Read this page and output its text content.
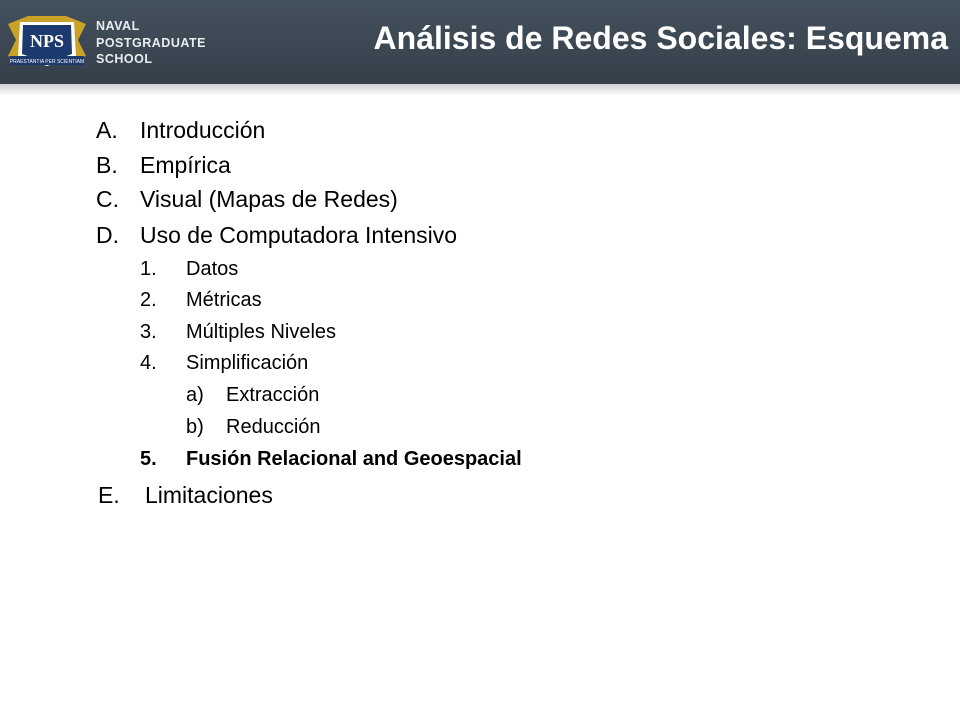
NPS
PRAESTANTIA PER SCIENTIAM
NAVAL
POSTGRADUATE
SCHOOL
Análisis de Redes Sociales: Esquema
A. Introducción
B. Empírica
C. Visual (Mapas de Redes)
D. Uso de Computadora Intensivo
1. Datos
2. Métricas
3. Múltiples Niveles
4. Simplificación
a) Extracción
b) Reducción
5. Fusión Relacional and Geoespacial
E. Limitaciones
